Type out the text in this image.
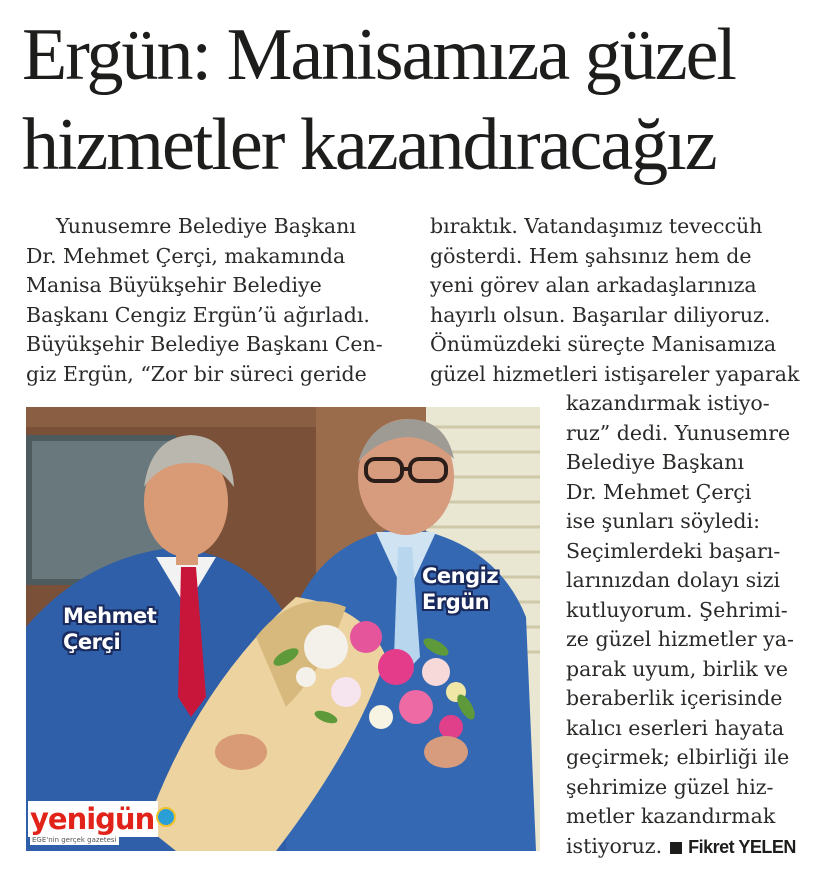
Ergün: Manisamıza güzel
hizmetler kazandıracağız
Yunusemre Belediye Başkanı
Dr. Mehmet Çerçi, makamında
Manisa Büyükşehir Belediye
Başkanı Cengiz Ergün’ü ağırladı.
Büyükşehir Belediye Başkanı Cen-
giz Ergün, “Zor bir süreci geride
bıraktık. Vatandaşımız teveccüh
gösterdi. Hem şahsınız hem de
yeni görev alan arkadaşlarınıza
hayırlı olsun. Başarılar diliyoruz.
Önümüzdeki süreçte Manisamıza
güzel hizmetleri istişareler yaparak
kazandırmak istiyo-
ruz” dedi. Yunusemre
Belediye Başkanı
Dr. Mehmet Çerçi
ise şunları söyledi:
Seçimlerdeki başarı-
larınızdan dolayı sizi
kutluyorum. Şehrimi-
ze güzel hizmetler ya-
parak uyum, birlik ve
beraberlik içerisinde
kalıcı eserleri hayata
geçirmek; elbirliği ile
şehrimize güzel hiz-
metler kazandırmak
istiyoruz. Fikret YELEN
Mehmet
Çerçi
Cengiz
Ergün
yenigün
EGE'nin gerçek gazetesi
